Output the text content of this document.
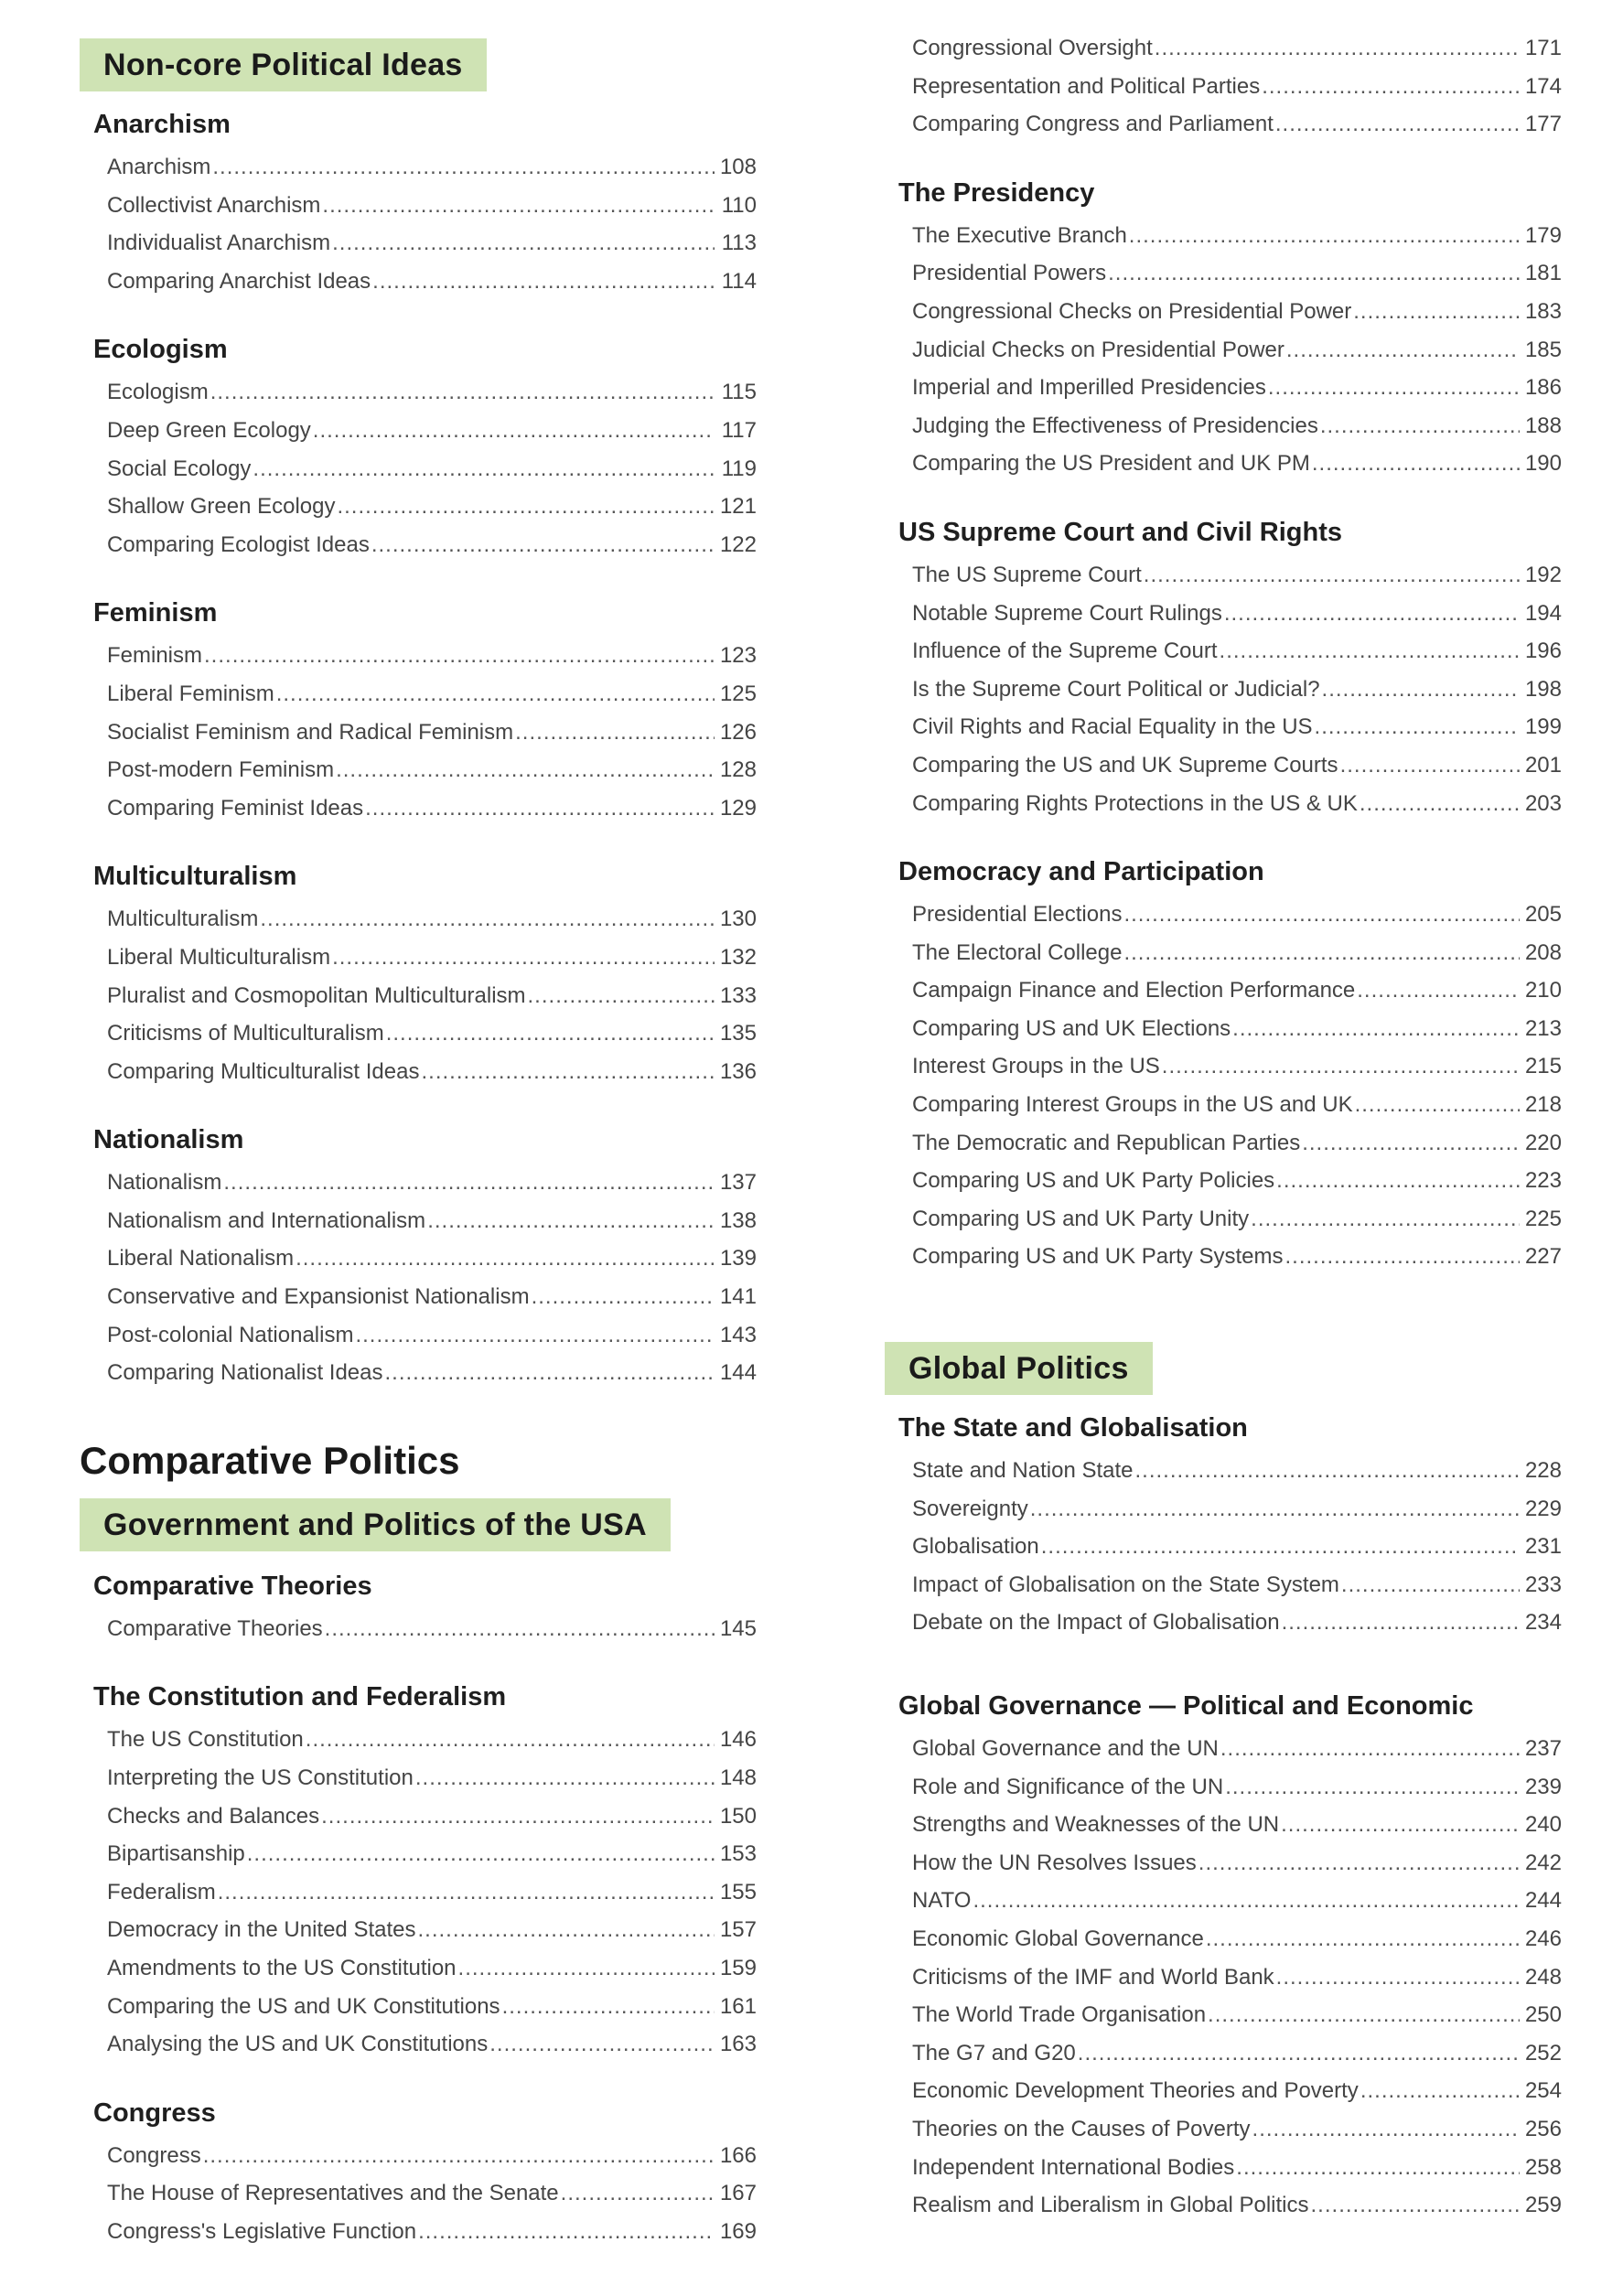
Non-core Political Ideas
Anarchism
Anarchism .....	108
Collectivist Anarchism .....	110
Individualist Anarchism .....	113
Comparing Anarchist Ideas .....	114
Ecologism
Ecologism .....	115
Deep Green Ecology .....	117
Social Ecology .....	119
Shallow Green Ecology .....	121
Comparing Ecologist Ideas .....	122
Feminism
Feminism .....	123
Liberal Feminism .....	125
Socialist Feminism and Radical Feminism .....	126
Post-modern Feminism .....	128
Comparing Feminist Ideas .....	129
Multiculturalism
Multiculturalism .....	130
Liberal Multiculturalism .....	132
Pluralist and Cosmopolitan Multiculturalism .....	133
Criticisms of Multiculturalism .....	135
Comparing Multiculturalist Ideas .....	136
Nationalism
Nationalism .....	137
Nationalism and Internationalism .....	138
Liberal Nationalism .....	139
Conservative and Expansionist Nationalism .....	141
Post-colonial Nationalism .....	143
Comparing Nationalist Ideas .....	144
Comparative Politics
Government and Politics of the USA
Comparative Theories
Comparative Theories .....	145
The Constitution and Federalism
The US Constitution .....	146
Interpreting the US Constitution .....	148
Checks and Balances .....	150
Bipartisanship .....	153
Federalism .....	155
Democracy in the United States .....	157
Amendments to the US Constitution .....	159
Comparing the US and UK Constitutions .....	161
Analysing the US and UK Constitutions .....	163
Congress
Congress .....	166
The House of Representatives and the Senate .....	167
Congress's Legislative Function .....	169
Congressional Oversight .....	171
Representation and Political Parties .....	174
Comparing Congress and Parliament .....	177
The Presidency
The Executive Branch .....	179
Presidential Powers .....	181
Congressional Checks on Presidential Power .....	183
Judicial Checks on Presidential Power .....	185
Imperial and Imperilled Presidencies .....	186
Judging the Effectiveness of Presidencies .....	188
Comparing the US President and UK PM .....	190
US Supreme Court and Civil Rights
The US Supreme Court .....	192
Notable Supreme Court Rulings .....	194
Influence of the Supreme Court .....	196
Is the Supreme Court Political or Judicial? .....	198
Civil Rights and Racial Equality in the US .....	199
Comparing the US and UK Supreme Courts .....	201
Comparing Rights Protections in the US & UK .....	203
Democracy and Participation
Presidential Elections .....	205
The Electoral College .....	208
Campaign Finance and Election Performance .....	210
Comparing US and UK Elections .....	213
Interest Groups in the US .....	215
Comparing Interest Groups in the US and UK .....	218
The Democratic and Republican Parties .....	220
Comparing US and UK Party Policies .....	223
Comparing US and UK Party Unity .....	225
Comparing US and UK Party Systems .....	227
Global Politics
The State and Globalisation
State and Nation State .....	228
Sovereignty .....	229
Globalisation .....	231
Impact of Globalisation on the State System .....	233
Debate on the Impact of Globalisation .....	234
Global Governance — Political and Economic
Global Governance and the UN .....	237
Role and Significance of the UN .....	239
Strengths and Weaknesses of the UN .....	240
How the UN Resolves Issues .....	242
NATO .....	244
Economic Global Governance .....	246
Criticisms of the IMF and World Bank .....	248
The World Trade Organisation .....	250
The G7 and G20 .....	252
Economic Development Theories and Poverty .....	254
Theories on the Causes of Poverty .....	256
Independent International Bodies .....	258
Realism and Liberalism in Global Politics .....	259
